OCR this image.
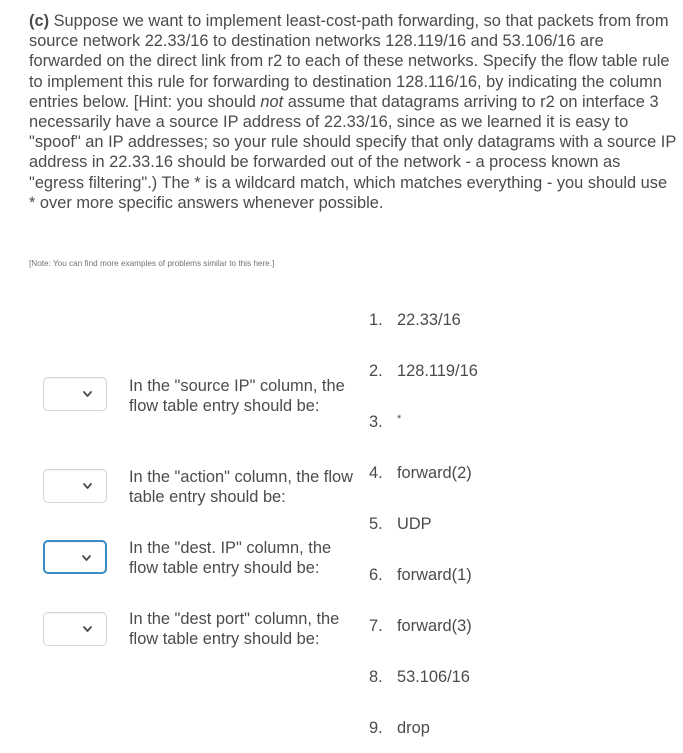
(c) Suppose we want to implement least-cost-path forwarding, so that packets from from source network 22.33/16 to destination networks 128.119/16 and 53.106/16 are forwarded on the direct link from r2 to each of these networks. Specify the flow table rule to implement this rule for forwarding to destination 128.116/16, by indicating the column entries below. [Hint: you should not assume that datagrams arriving to r2 on interface 3 necessarily have a source IP address of 22.33/16, since as we learned it is easy to "spoof" an IP addresses; so your rule should specify that only datagrams with a source IP address in 22.33.16 should be forwarded out of the network - a process known as "egress filtering".) The * is a wildcard match, which matches everything - you should use * over more specific answers whenever possible.

[Note: You can find more examples of problems similar to this here.]
In the "source IP" column, the flow table entry should be:
In the "action" column, the flow table entry should be:
In the "dest. IP" column, the flow table entry should be:
In the "dest port" column, the flow table entry should be:
1. 22.33/16
2. 128.119/16
3. *
4. forward(2)
5. UDP
6. forward(1)
7. forward(3)
8. 53.106/16
9. drop
